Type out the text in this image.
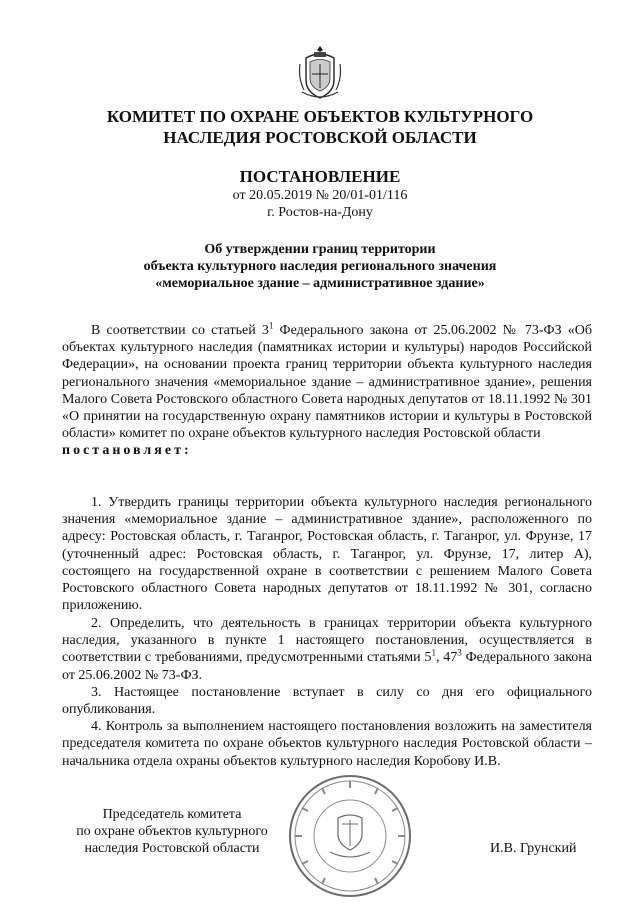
КОМИТЕТ ПО ОХРАНЕ ОБЪЕКТОВ КУЛЬТУРНОГО
НАСЛЕДИЯ РОСТОВСКОЙ ОБЛАСТИ
ПОСТАНОВЛЕНИЕ
от 20.05.2019 № 20/01-01/116
г. Ростов-на-Дону
Об утверждении границ территории
объекта культурного наследия регионального значения
«мемориальное здание – административное здание»

В соответствии со статьей $3^1$ Федерального закона от 25.06.2002 № 73-ФЗ «Об объектах культурного наследия (памятниках истории и культуры) народов Российской Федерации», на основании проекта границ территории объекта культурного наследия регионального значения «мемориальное здание – административное здание», решения Малого Совета Ростовского областного Совета народных депутатов от 18.11.1992 № 301 «О принятии на государственную охрану памятников истории и культуры в Ростовской области» комитет по охране объектов культурного наследия Ростовской области

постановляет:

1. Утвердить границы территории объекта культурного наследия регионального значения «мемориальное здание – административное здание», расположенного по адресу: Ростовская область, г. Таганрог, Ростовская область, г. Таганрог, ул. Фрунзе, 17 (уточненный адрес: Ростовская область, г. Таганрог, ул. Фрунзе, 17, литер А), состоящего на государственной охране в соответствии с решением Малого Совета Ростовского областного Совета народных депутатов от 18.11.1992 № 301, согласно приложению.

2. Определить, что деятельность в границах территории объекта культурного наследия, указанного в пункте 1 настоящего постановления, осуществляется в соответствии с требованиями, предусмотренными статьями $5^1$, $47^3$ Федерального закона от 25.06.2002 № 73-ФЗ.

3. Настоящее постановление вступает в силу со дня его официального опубликования.

4. Контроль за выполнением настоящего постановления возложить на заместителя председателя комитета по охране объектов культурного наследия Ростовской области – начальника отдела охраны объектов культурного наследия Коробову И.В.

Председатель комитета
по охране объектов культурного
наследия Ростовской области	И.В. Грунский
